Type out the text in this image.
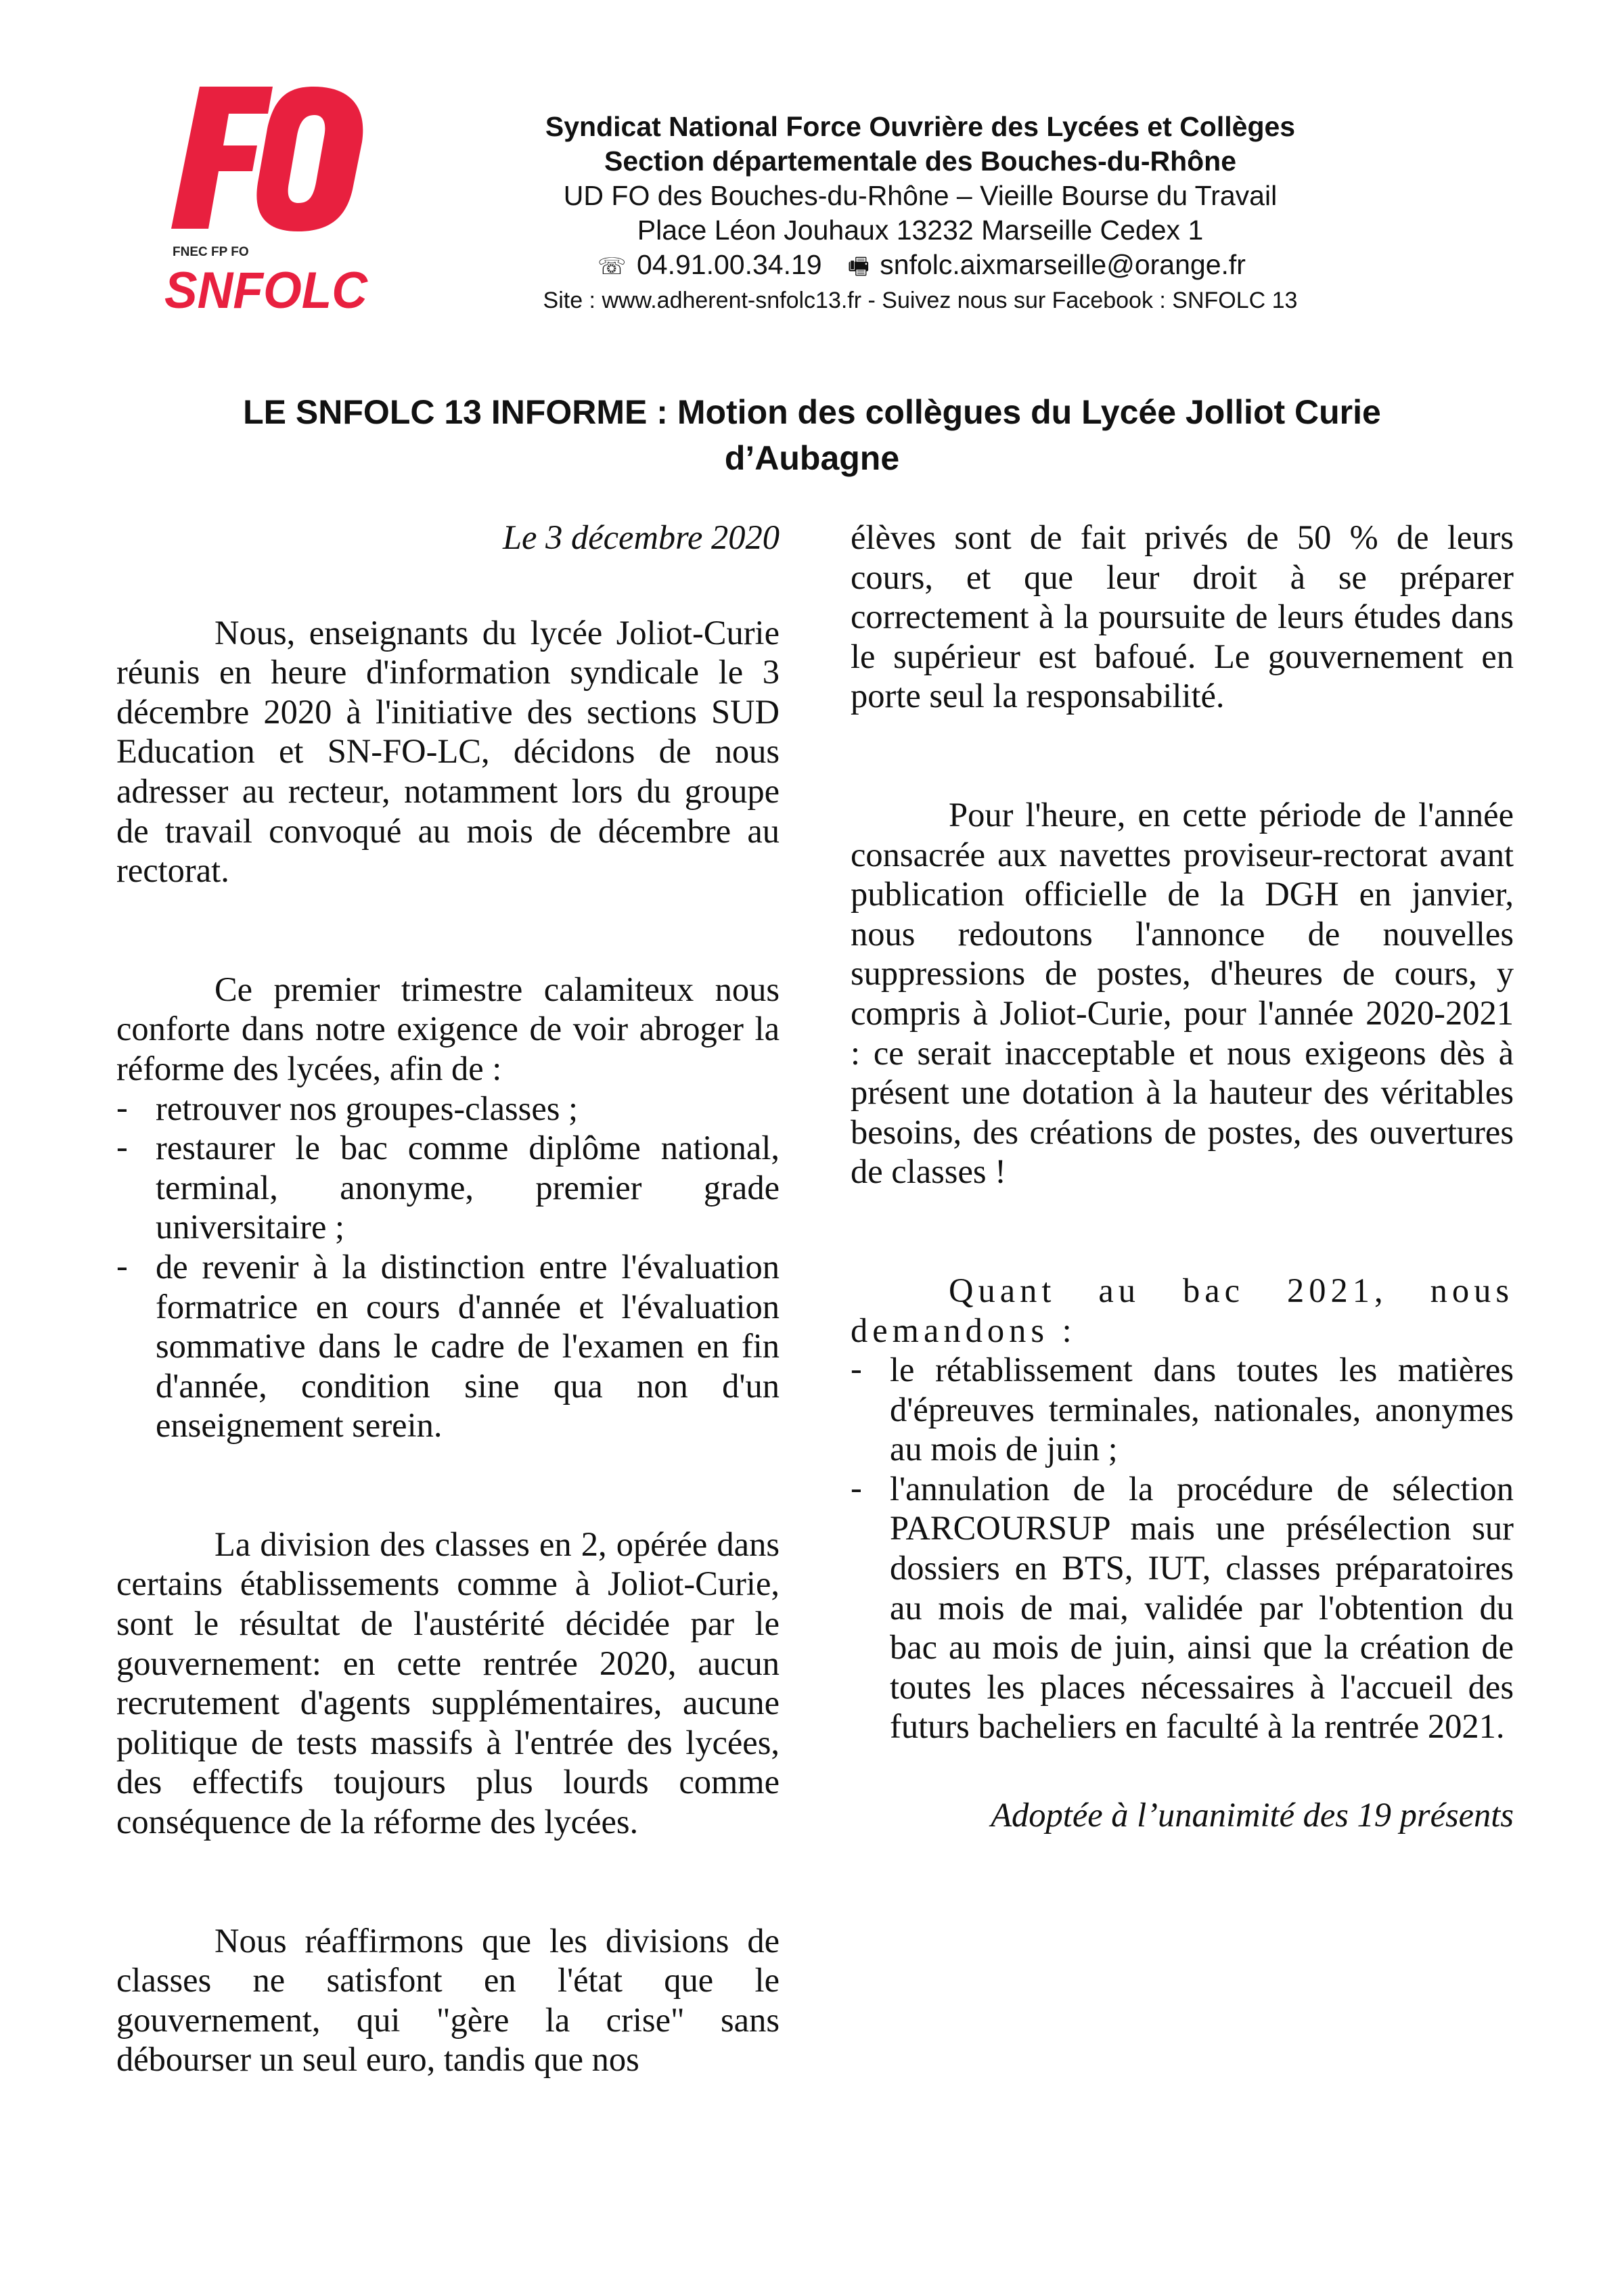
FNEC FP FO
SNFOLC
Syndicat National Force Ouvrière des Lycées et Collèges
Section départementale des Bouches-du-Rhône
UD FO des Bouches-du-Rhône – Vieille Bourse du Travail
Place Léon Jouhaux 13232 Marseille Cedex 1
☏ 04.91.00.34.19 🖷 snfolc.aixmarseille@orange.fr
Site : www.adherent-snfolc13.fr - Suivez nous sur Facebook : SNFOLC 13
LE SNFOLC 13 INFORME : Motion des collègues du Lycée Jolliot Curie
d’Aubagne
Le 3 décembre 2020
Nous, enseignants du lycée Joliot-Curie réunis en heure d'information syndicale le 3 décembre 2020 à l'initiative des sections SUD Education et SN-FO-LC, décidons de nous adresser au recteur, notamment lors du groupe de travail convoqué au mois de décembre au rectorat.
Ce premier trimestre calamiteux nous conforte dans notre exigence de voir abroger la réforme des lycées, afin de :
- retrouver nos groupes-classes ;
- restaurer le bac comme diplôme national, terminal, anonyme, premier grade universitaire ;
- de revenir à la distinction entre l'évaluation formatrice en cours d'année et l'évaluation sommative dans le cadre de l'examen en fin d'année, condition sine qua non d'un enseignement serein.
La division des classes en 2, opérée dans certains établissements comme à Joliot-Curie, sont le résultat de l'austérité décidée par le gouvernement: en cette rentrée 2020, aucun recrutement d'agents supplémentaires, aucune politique de tests massifs à l'entrée des lycées, des effectifs toujours plus lourds comme conséquence de la réforme des lycées.
Nous réaffirmons que les divisions de classes ne satisfont en l'état que le gouvernement, qui "gère la crise" sans débourser un seul euro, tandis que nos
élèves sont de fait privés de 50 % de leurs cours, et que leur droit à se préparer correctement à la poursuite de leurs études dans le supérieur est bafoué. Le gouvernement en porte seul la responsabilité.
Pour l'heure, en cette période de l'année consacrée aux navettes proviseur-rectorat avant publication officielle de la DGH en janvier, nous redoutons l'annonce de nouvelles suppressions de postes, d'heures de cours, y compris à Joliot-Curie, pour l'année 2020-2021 : ce serait inacceptable et nous exigeons dès à présent une dotation à la hauteur des véritables besoins, des créations de postes, des ouvertures de classes !
Quant au bac 2021, nous demandons :
- le rétablissement dans toutes les matières d'épreuves terminales, nationales, anonymes au mois de juin ;
- l'annulation de la procédure de sélection PARCOURSUP mais une présélection sur dossiers en BTS, IUT, classes préparatoires au mois de mai, validée par l'obtention du bac au mois de juin, ainsi que la création de toutes les places nécessaires à l'accueil des futurs bacheliers en faculté à la rentrée 2021.
Adoptée à l’unanimité des 19 présents
